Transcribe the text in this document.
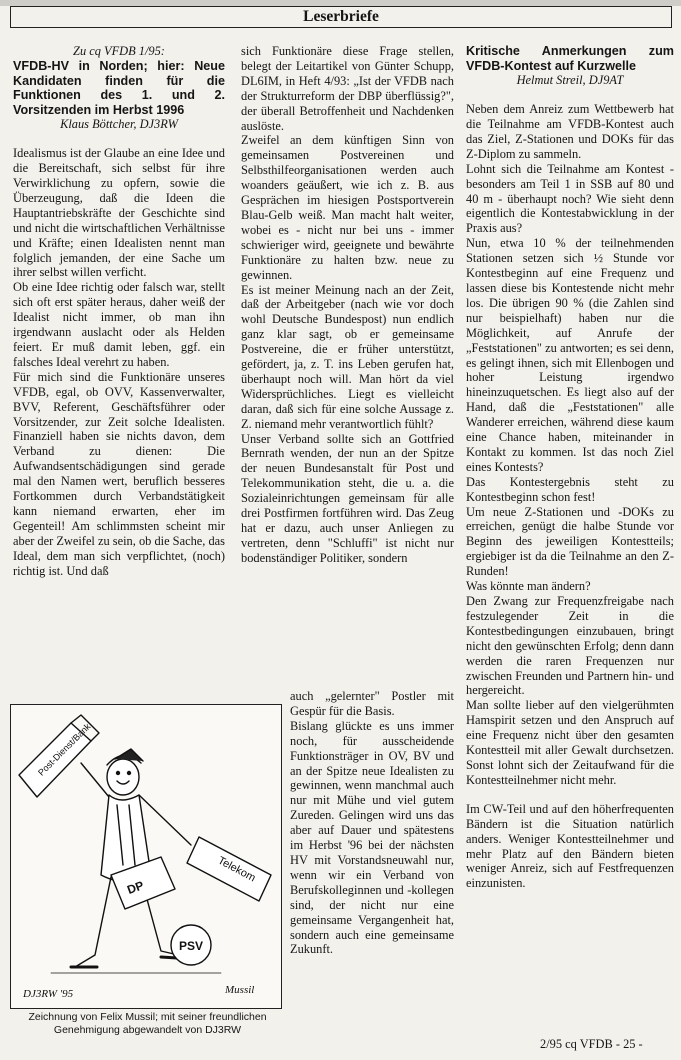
Leserbriefe

Zu cq VFDB 1/95:

VFDB-HV in Norden; hier: Neue Kandidaten finden für die Funktionen des 1. und 2. Vorsitzenden im Herbst 1996

Klaus Böttcher, DJ3RW

Idealismus ist der Glaube an eine Idee und die Bereitschaft, sich selbst für ihre Verwirklichung zu opfern, sowie die Überzeugung, daß die Ideen die Hauptantriebskräfte der Geschichte sind und nicht die wirtschaftlichen Verhältnisse und Kräfte; einen Idealisten nennt man folglich jemanden, der eine Sache um ihrer selbst willen verficht.

Ob eine Idee richtig oder falsch war, stellt sich oft erst später heraus, daher weiß der Idealist nicht immer, ob man ihn irgendwann auslacht oder als Helden feiert. Er muß damit leben, ggf. ein falsches Ideal verehrt zu haben.

Für mich sind die Funktionäre unseres VFDB, egal, ob OVV, Kassenverwalter, BVV, Referent, Geschäftsführer oder Vorsitzender, zur Zeit solche Idealisten. Finanziell haben sie nichts davon, dem Verband zu dienen: Die Aufwandsentschädigungen sind gerade mal den Namen wert, beruflich besseres Fortkommen durch Verbandstätigkeit kann niemand erwarten, eher im Gegenteil! Am schlimmsten scheint mir aber der Zweifel zu sein, ob die Sache, das Ideal, dem man sich verpflichtet, (noch) richtig ist. Und daß

sich Funktionäre diese Frage stellen, belegt der Leitartikel von Günter Schupp, DL6IM, in Heft 4/93: „Ist der VFDB nach der Strukturreform der DBP überflüssig?", der überall Betroffenheit und Nachdenken auslöste.

Zweifel an dem künftigen Sinn von gemeinsamen Postvereinen und Selbsthilfeorganisationen werden auch woanders geäußert, wie ich z. B. aus Gesprächen im hiesigen Postsportverein Blau-Gelb weiß. Man macht halt weiter, wobei es - nicht nur bei uns - immer schwieriger wird, geeignete und bewährte Funktionäre zu halten bzw. neue zu gewinnen.

Es ist meiner Meinung nach an der Zeit, daß der Arbeitgeber (nach wie vor doch wohl Deutsche Bundespost) nun endlich ganz klar sagt, ob er gemeinsame Postvereine, die er früher unterstützt, gefördert, ja, z. T. ins Leben gerufen hat, überhaupt noch will. Man hört da viel Widersprüchliches. Liegt es vielleicht daran, daß sich für eine solche Aussage z. Z. niemand mehr verantwortlich fühlt?

Unser Verband sollte sich an Gottfried Bernrath wenden, der nun an der Spitze der neuen Bundesanstalt für Post und Telekommunikation steht, die u. a. die Sozialeinrichtungen gemeinsam für alle drei Postfirmen fortführen wird. Das Zeug hat er dazu, auch unser Anliegen zu vertreten, denn "Schluffi" ist nicht nur bodenständiger Politiker, sondern

auch „gelernter" Postler mit Gespür für die Basis.

Bislang glückte es uns immer noch, für ausscheidende Funktionsträger in OV, BV und an der Spitze neue Idealisten zu gewinnen, wenn manchmal auch nur mit Mühe und viel gutem Zureden. Gelingen wird uns das aber auf Dauer und spätestens im Herbst '96 bei der nächsten HV mit Vorstandsneuwahl nur, wenn wir ein Verband von Berufskolleginnen und -kollegen sind, der nicht nur eine gemeinsame Vergangenheit hat, sondern auch eine gemeinsame Zukunft.

Post-Dienst/Bank
Telekom
DP
PSV
DJ3RW '95	Mussil
Zeichnung von Felix Mussil; mit seiner freundlichen Genehmigung abgewandelt von DJ3RW

Kritische Anmerkungen zum VFDB-Kontest auf Kurzwelle

Helmut Streil, DJ9AT

Neben dem Anreiz zum Wettbewerb hat die Teilnahme am VFDB-Kontest auch das Ziel, Z-Stationen und DOKs für das Z-Diplom zu sammeln.

Lohnt sich die Teilnahme am Kontest - besonders am Teil 1 in SSB auf 80 und 40 m - überhaupt noch? Wie sieht denn eigentlich die Kontestabwicklung in der Praxis aus?

Nun, etwa 10 % der teilnehmenden Stationen setzen sich ½ Stunde vor Kontestbeginn auf eine Frequenz und lassen diese bis Kontestende nicht mehr los. Die übrigen 90 % (die Zahlen sind nur beispielhaft) haben nur die Möglichkeit, auf Anrufe der „Feststationen" zu antworten; es sei denn, es gelingt ihnen, sich mit Ellenbogen und hoher Leistung irgendwo hineinzuquetschen. Es liegt also auf der Hand, daß die „Feststationen" alle Wanderer erreichen, während diese kaum eine Chance haben, miteinander in Kontakt zu kommen. Ist das noch Ziel eines Kontests?

Das Kontestergebnis steht zu Kontestbeginn schon fest!

Um neue Z-Stationen und -DOKs zu erreichen, genügt die halbe Stunde vor Beginn des jeweiligen Kontestteils; ergiebiger ist da die Teilnahme an den Z-Runden!

Was könnte man ändern?

Den Zwang zur Frequenzfreigabe nach festzulegender Zeit in die Kontestbedingungen einzubauen, bringt nicht den gewünschten Erfolg; denn dann werden die raren Frequenzen nur zwischen Freunden und Partnern hin- und hergereicht.

Man sollte lieber auf den vielgerühmten Hamspirit setzen und den Anspruch auf eine Frequenz nicht über den gesamten Kontestteil mit aller Gewalt durchsetzen. Sonst lohnt sich der Zeitaufwand für die Kontestteilnehmer nicht mehr.

Im CW-Teil und auf den höherfrequenten Bändern ist die Situation natürlich anders. Weniger Kontestteilnehmer und mehr Platz auf den Bändern bieten weniger Anreiz, sich auf Festfrequenzen einzunisten.

2/95 cq VFDB - 25 -
